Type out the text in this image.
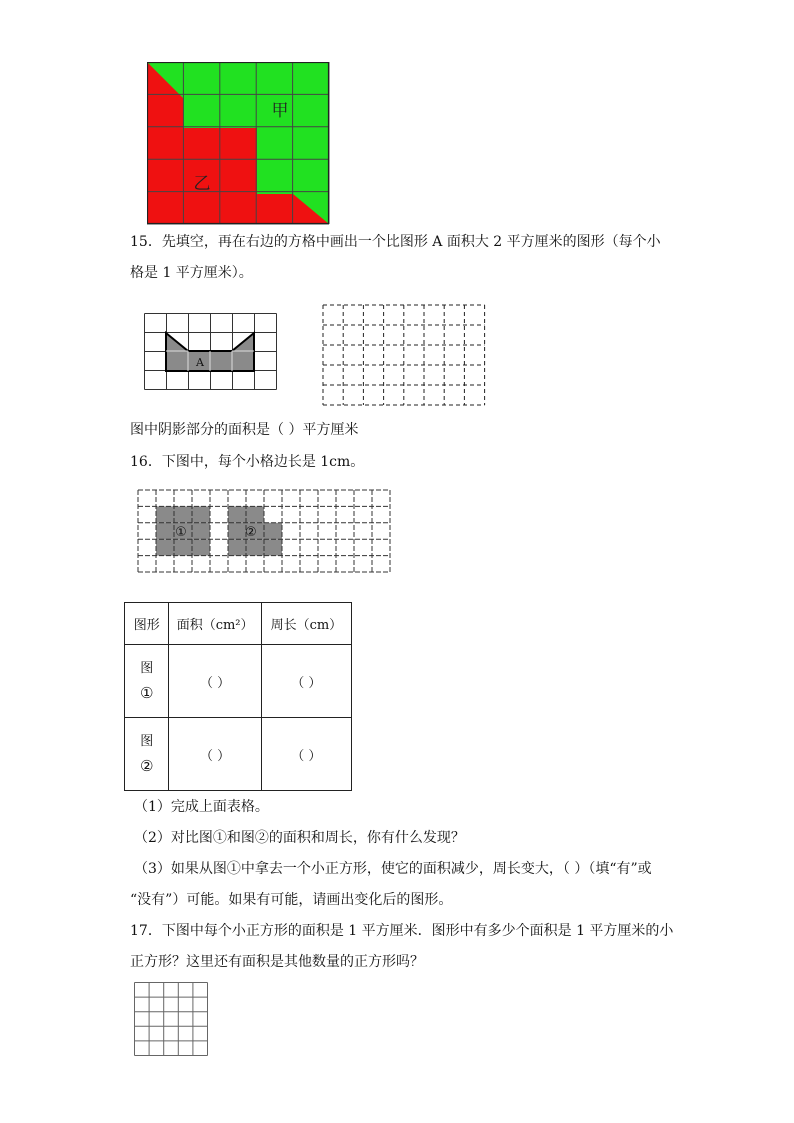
甲
乙
15．先填空，再在右边的方格中画出一个比图形 A 面积大 2 平方厘米的图形（每个小
格是 1 平方厘米）。
A
图中阴影部分的面积是（ ）平方厘米
16．下图中，每个小格边长是 1cm。
①	②
图形	面积（cm²）	周长（cm）

图
①	（ ）	（ ）

图
②	（ ）	（ ）
（1）完成上面表格。
（2）对比图①和图②的面积和周长，你有什么发现？
（3）如果从图①中拿去一个小正方形，使它的面积减少，周长变大，（ ）（填“有”或
“没有”）可能。如果有可能，请画出变化后的图形。
17．下图中每个小正方形的面积是 1 平方厘米．图形中有多少个面积是 1 平方厘米的小
正方形？这里还有面积是其他数量的正方形吗？
